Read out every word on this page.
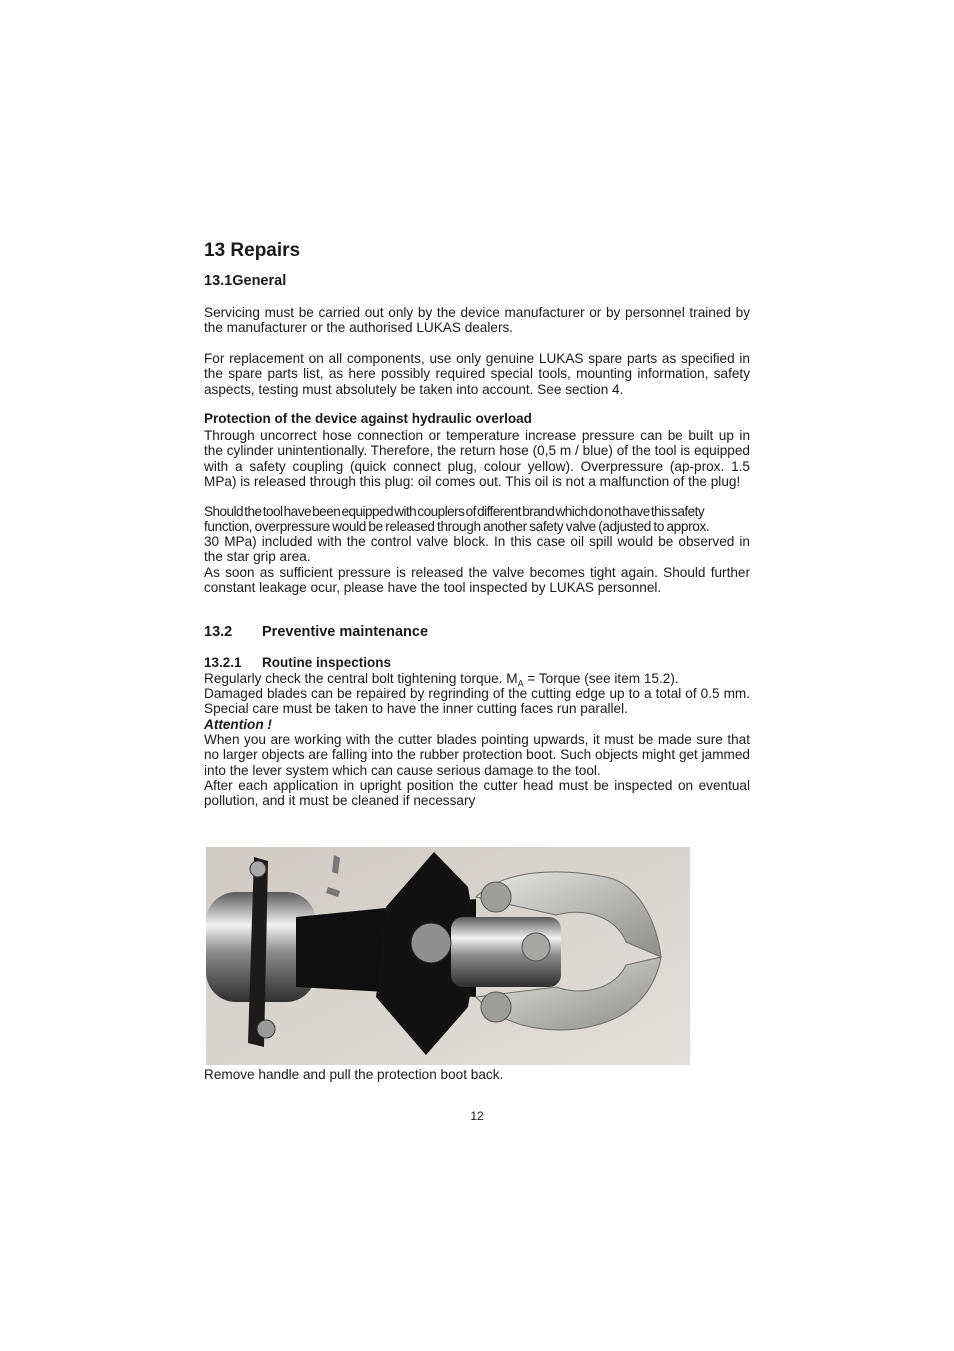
13 Repairs
13.1General
Servicing must be carried out only by the device manufacturer or by personnel trained by the manufacturer or the authorised LUKAS dealers.
For replacement on all components, use only genuine LUKAS spare parts as specified in the spare parts list, as here possibly required special tools, mounting information, safety aspects, testing must absolutely be taken into account. See section 4.
Protection of the device against hydraulic overload
Through uncorrect hose connection or temperature increase pressure can be built up in the cylinder unintentionally. Therefore, the return hose (0,5 m / blue) of the tool is equipped with a safety coupling (quick connect plug, colour yellow). Overpressure (ap-prox. 1.5 MPa) is released through this plug: oil comes out. This oil is not a malfunction of the plug!
Should the tool have been equipped with couplers of different brand which do not have this safety
function, overpressure would be released through another safety valve (adjusted to approx.
30 MPa) included with the control valve block. In this case oil spill would be observed in the star grip area.
As soon as sufficient pressure is released the valve becomes tight again. Should further constant leakage ocur, please have the tool inspected by LUKAS personnel.
13.2 Preventive maintenance
13.2.1 Routine inspections
Regularly check the central bolt tightening torque. $M_A$ = Torque (see item 15.2).
Damaged blades can be repaired by regrinding of the cutting edge up to a total of 0.5 mm. Special care must be taken to have the inner cutting faces run parallel.
Attention !
When you are working with the cutter blades pointing upwards, it must be made sure that no larger objects are falling into the rubber protection boot. Such objects might get jammed into the lever system which can cause serious damage to the tool.
After each application in upright position the cutter head must be inspected on eventual pollution, and it must be cleaned if necessary
Remove handle and pull the protection boot back.
12
